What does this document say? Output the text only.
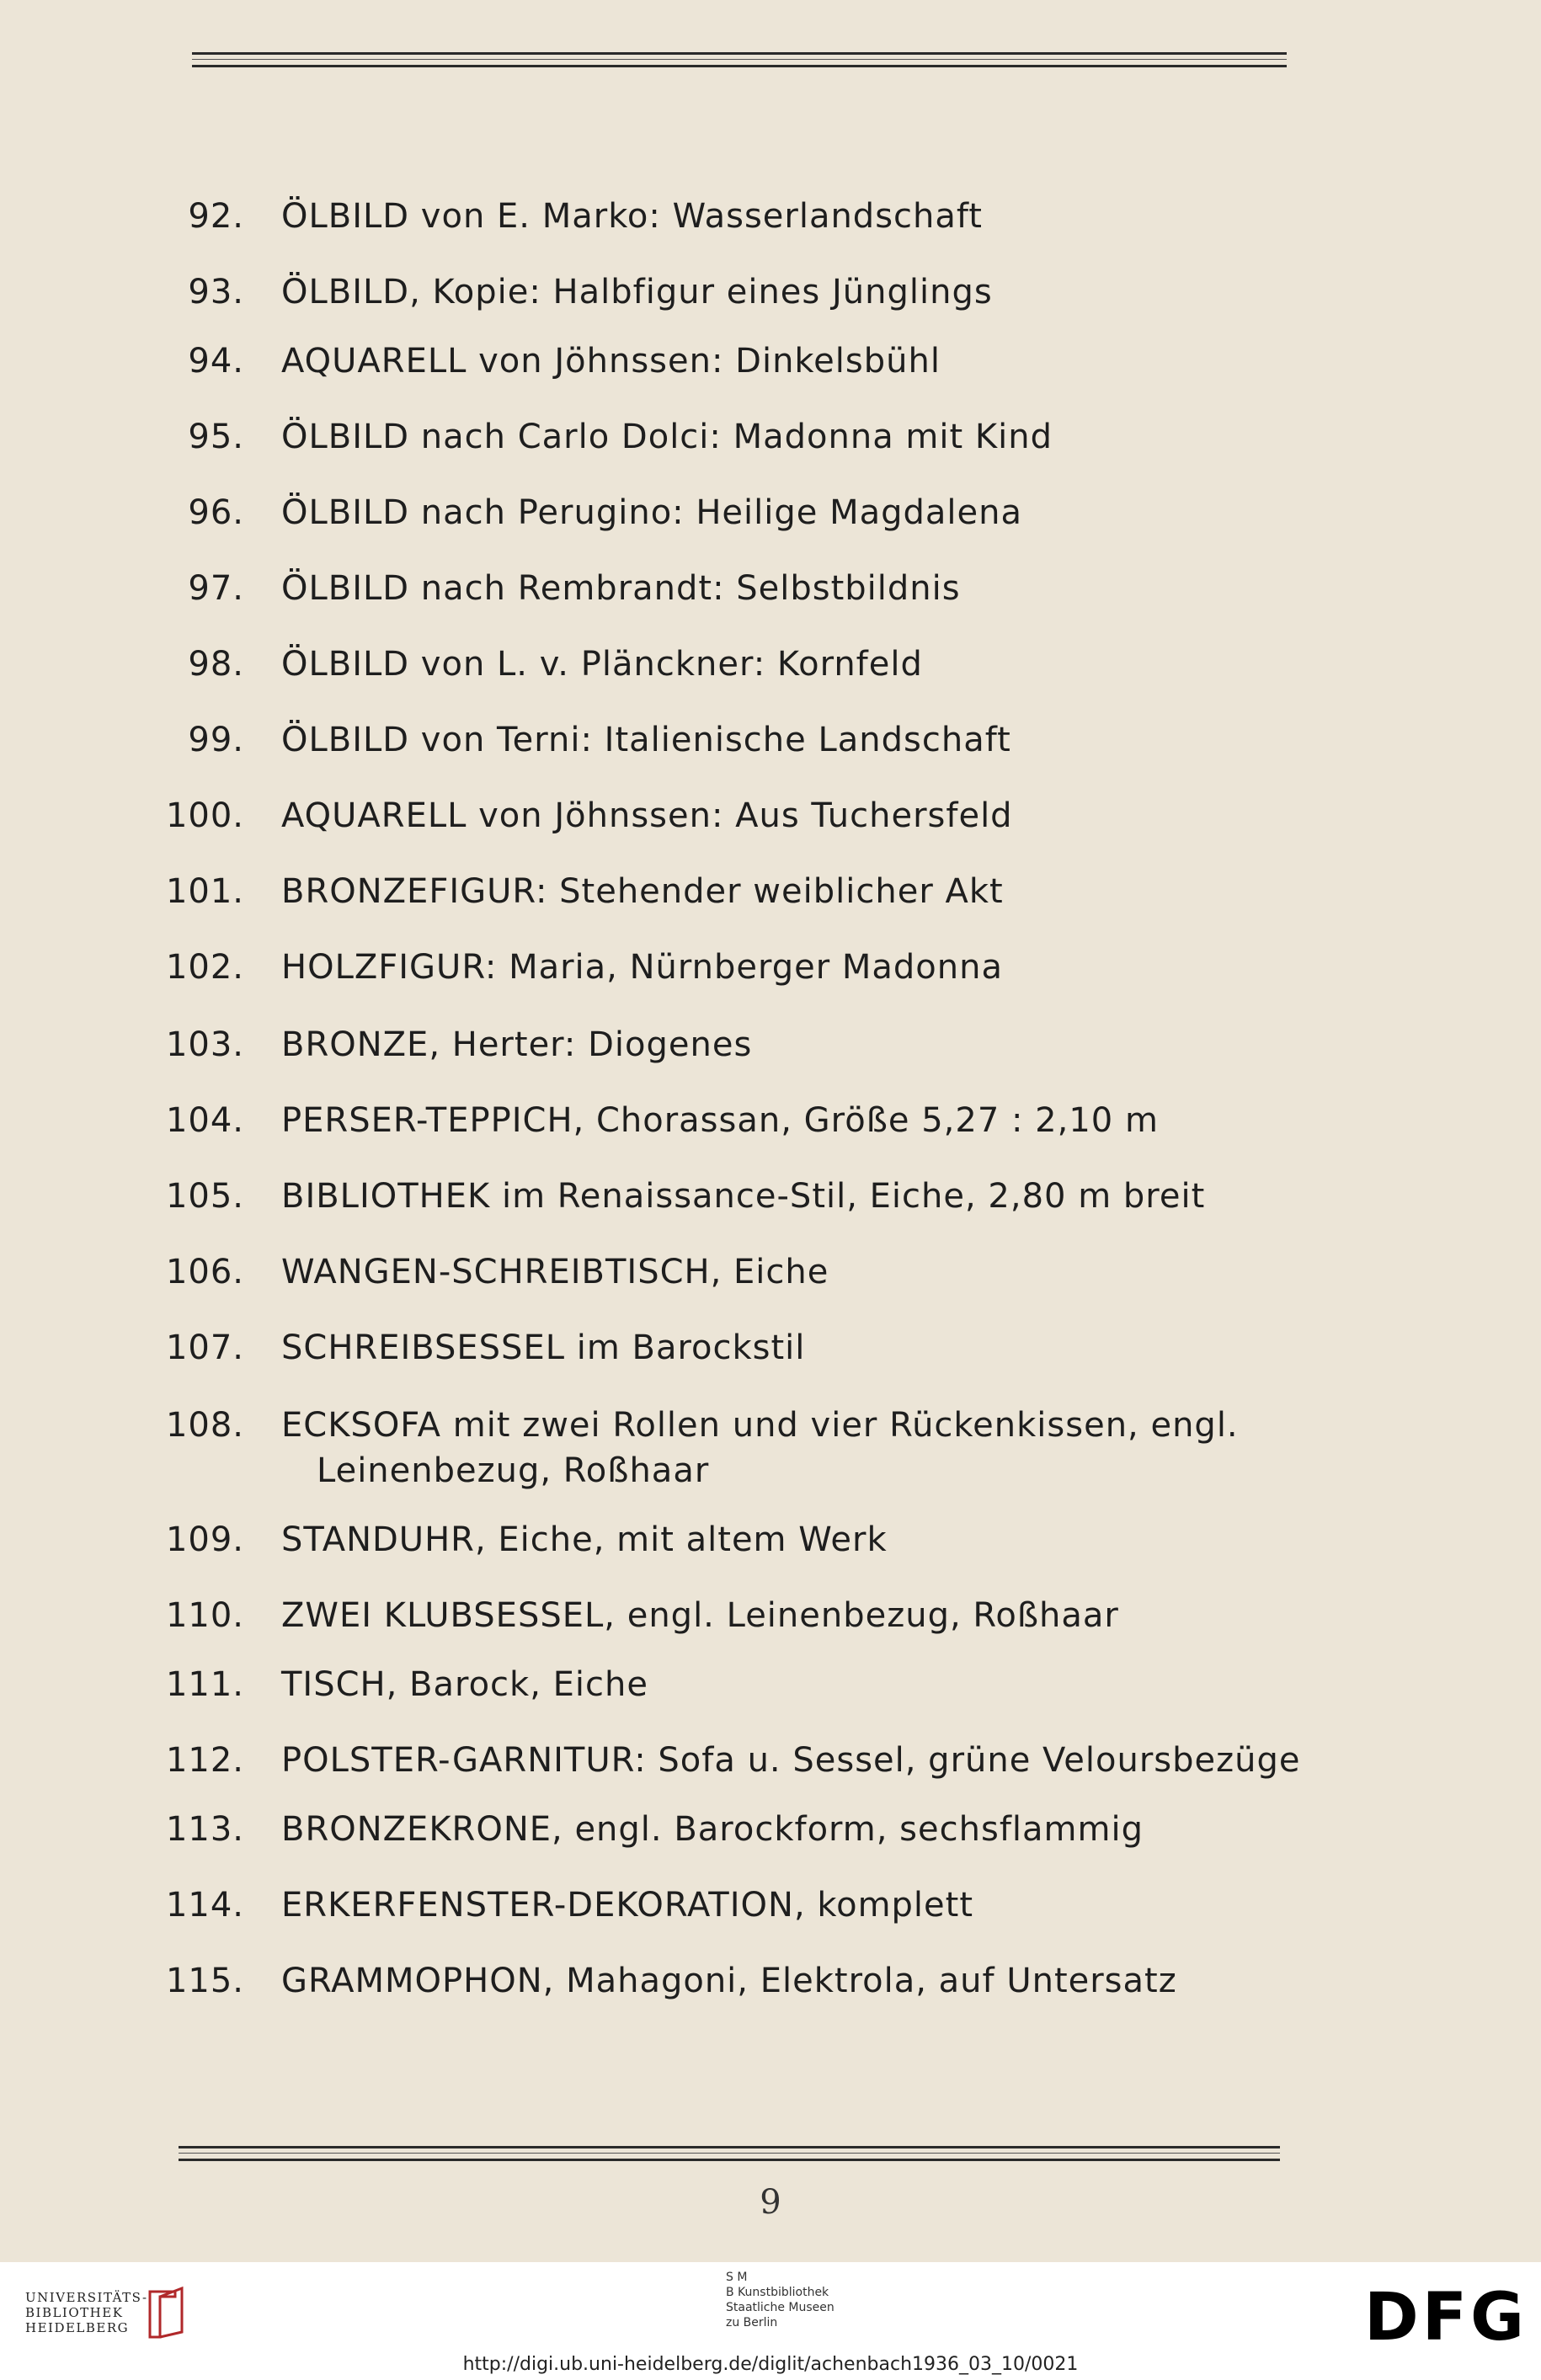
92. ÖLBILD von E. Marko: Wasserlandschaft
93. ÖLBILD, Kopie: Halbfigur eines Jünglings
94. AQUARELL von Jöhnssen: Dinkelsbühl
95. ÖLBILD nach Carlo Dolci: Madonna mit Kind
96. ÖLBILD nach Perugino: Heilige Magdalena
97. ÖLBILD nach Rembrandt: Selbstbildnis
98. ÖLBILD von L. v. Plänckner: Kornfeld
99. ÖLBILD von Terni: Italienische Landschaft
100. AQUARELL von Jöhnssen: Aus Tuchersfeld
101. BRONZEFIGUR: Stehender weiblicher Akt
102. HOLZFIGUR: Maria, Nürnberger Madonna
103. BRONZE, Herter: Diogenes
104. PERSER-TEPPICH, Chorassan, Größe 5,27 : 2,10 m
105. BIBLIOTHEK im Renaissance-Stil, Eiche, 2,80 m breit
106. WANGEN-SCHREIBTISCH, Eiche
107. SCHREIBSESSEL im Barockstil
108. ECKSOFA mit zwei Rollen und vier Rückenkissen, engl.
Leinenbezug, Roßhaar
109. STANDUHR, Eiche, mit altem Werk
110. ZWEI KLUBSESSEL, engl. Leinenbezug, Roßhaar
111. TISCH, Barock, Eiche
112. POLSTER-GARNITUR: Sofa u. Sessel, grüne Veloursbezüge
113. BRONZEKRONE, engl. Barockform, sechsflammig
114. ERKERFENSTER-DEKORATION, komplett
115. GRAMMOPHON, Mahagoni, Elektrola, auf Untersatz
9
UNIVERSITÄTS-
BIBLIOTHEK
HEIDELBERG
S M
B Kunstbibliothek
Staatliche Museen
zu Berlin	DFG
http://digi.ub.uni-heidelberg.de/diglit/achenbach1936_03_10/0021
